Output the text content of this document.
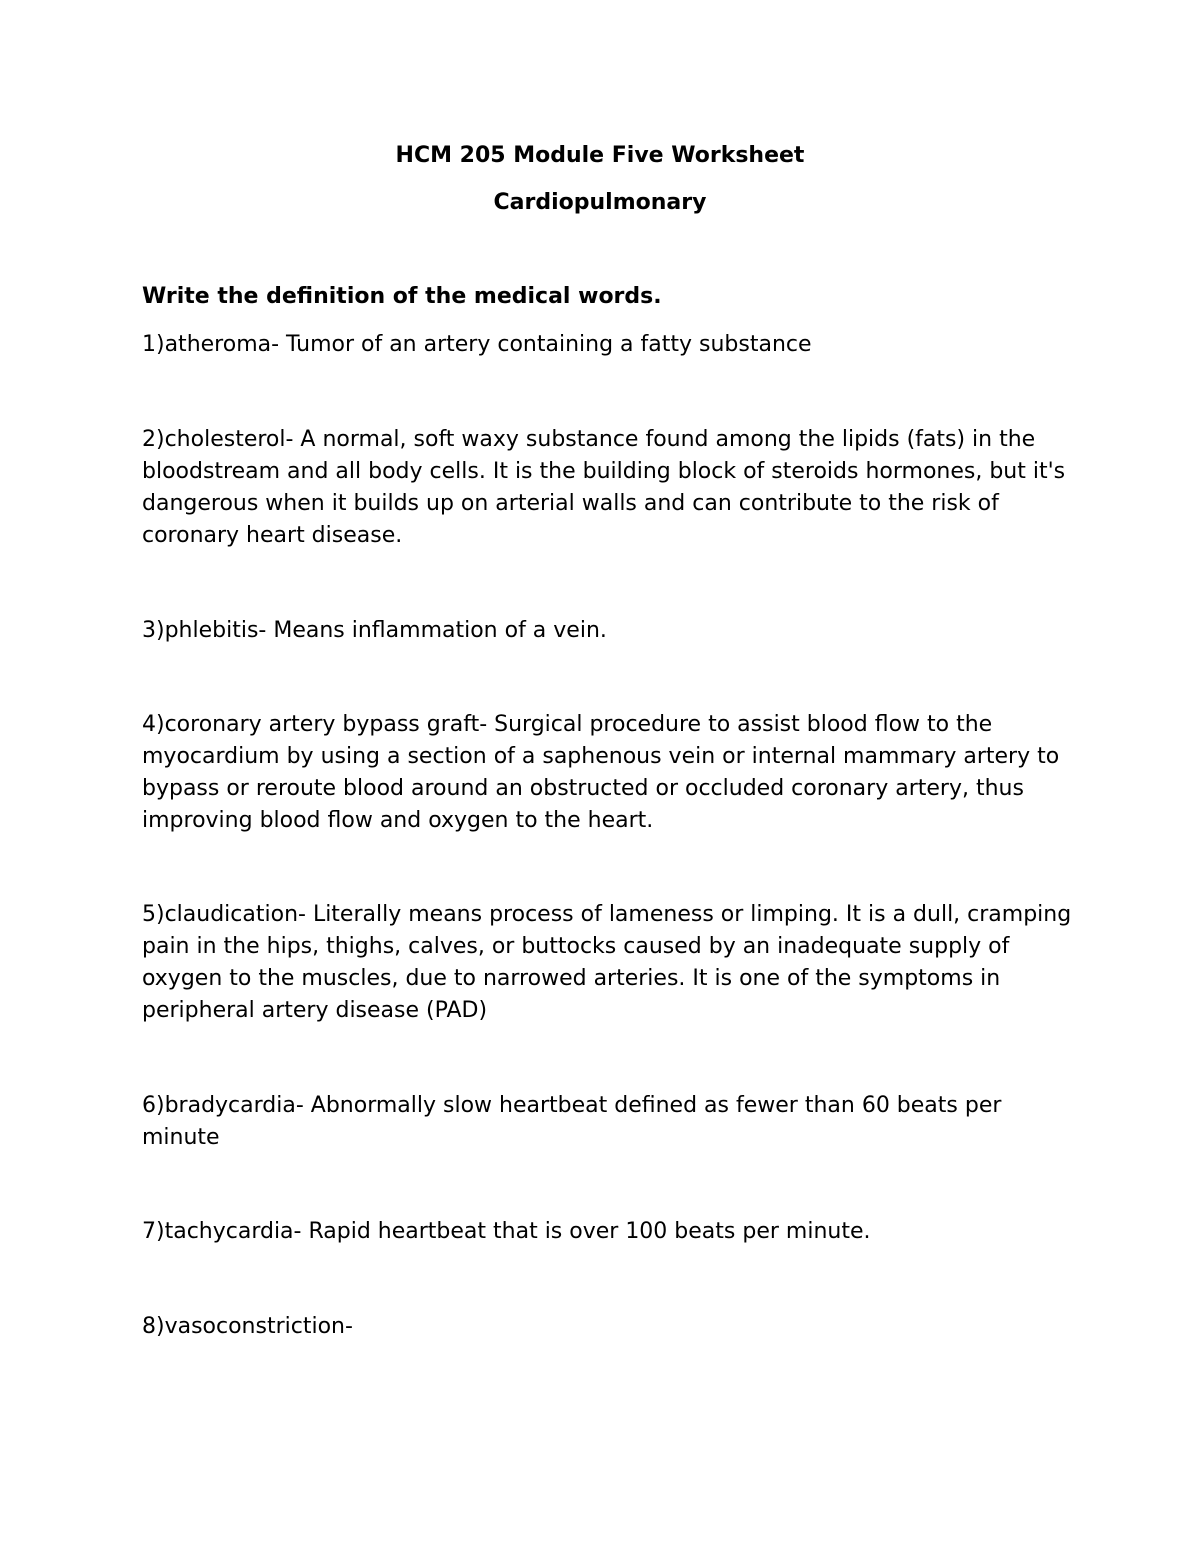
HCM 205 Module Five Worksheet

Cardiopulmonary

Write the definition of the medical words.

1)atheroma- Tumor of an artery containing a fatty substance

2)cholesterol- A normal, soft waxy substance found among the lipids (fats) in the bloodstream and all body cells. It is the building block of steroids hormones, but it's dangerous when it builds up on arterial walls and can contribute to the risk of coronary heart disease.

3)phlebitis- Means inflammation of a vein.

4)coronary artery bypass graft- Surgical procedure to assist blood flow to the myocardium by using a section of a saphenous vein or internal mammary artery to bypass or reroute blood around an obstructed or occluded coronary artery, thus improving blood flow and oxygen to the heart.

5)claudication- Literally means process of lameness or limping. It is a dull, cramping pain in the hips, thighs, calves, or buttocks caused by an inadequate supply of oxygen to the muscles, due to narrowed arteries. It is one of the symptoms in peripheral artery disease (PAD)

6)bradycardia- Abnormally slow heartbeat defined as fewer than 60 beats per minute

7)tachycardia- Rapid heartbeat that is over 100 beats per minute.

8)vasoconstriction-
